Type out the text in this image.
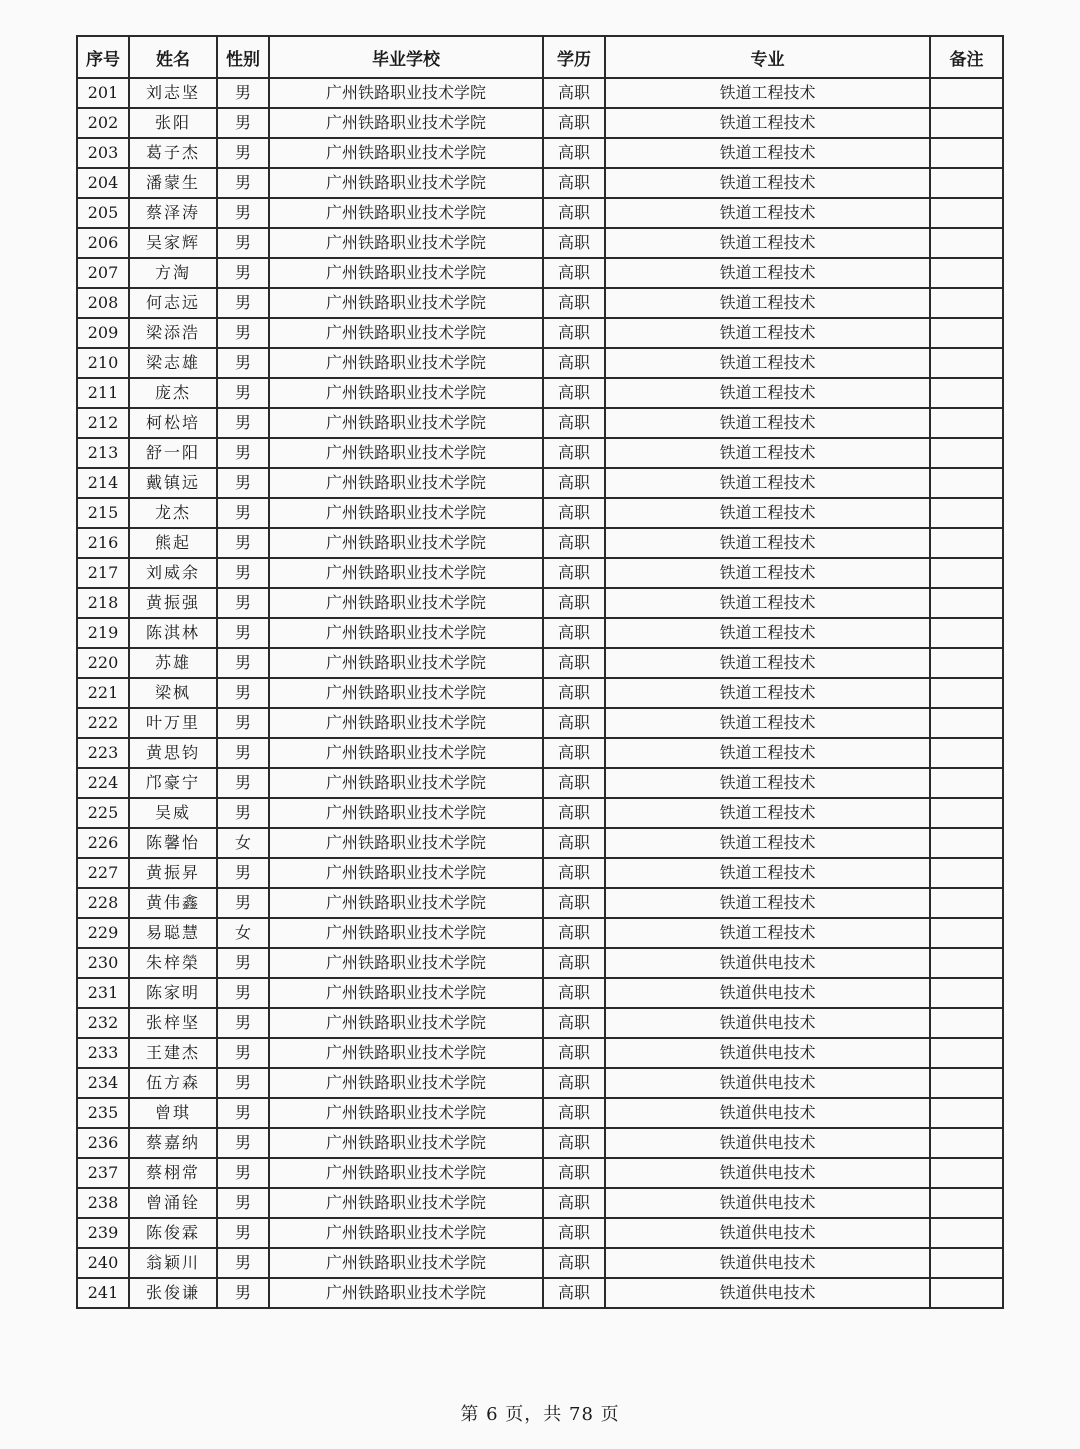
序号	姓名	性别	毕业学校	学历	专业	备注
201	刘志坚	男	广州铁路职业技术学院	高职	铁道工程技术	
202	张阳	男	广州铁路职业技术学院	高职	铁道工程技术	
203	葛子杰	男	广州铁路职业技术学院	高职	铁道工程技术	
204	潘蒙生	男	广州铁路职业技术学院	高职	铁道工程技术	
205	蔡泽涛	男	广州铁路职业技术学院	高职	铁道工程技术	
206	吴家辉	男	广州铁路职业技术学院	高职	铁道工程技术	
207	方淘	男	广州铁路职业技术学院	高职	铁道工程技术	
208	何志远	男	广州铁路职业技术学院	高职	铁道工程技术	
209	梁添浩	男	广州铁路职业技术学院	高职	铁道工程技术	
210	梁志雄	男	广州铁路职业技术学院	高职	铁道工程技术	
211	庞杰	男	广州铁路职业技术学院	高职	铁道工程技术	
212	柯松培	男	广州铁路职业技术学院	高职	铁道工程技术	
213	舒一阳	男	广州铁路职业技术学院	高职	铁道工程技术	
214	戴镇远	男	广州铁路职业技术学院	高职	铁道工程技术	
215	龙杰	男	广州铁路职业技术学院	高职	铁道工程技术	
216	熊起	男	广州铁路职业技术学院	高职	铁道工程技术	
217	刘威余	男	广州铁路职业技术学院	高职	铁道工程技术	
218	黄振强	男	广州铁路职业技术学院	高职	铁道工程技术	
219	陈淇林	男	广州铁路职业技术学院	高职	铁道工程技术	
220	苏雄	男	广州铁路职业技术学院	高职	铁道工程技术	
221	梁枫	男	广州铁路职业技术学院	高职	铁道工程技术	
222	叶万里	男	广州铁路职业技术学院	高职	铁道工程技术	
223	黄思钧	男	广州铁路职业技术学院	高职	铁道工程技术	
224	邝豪宁	男	广州铁路职业技术学院	高职	铁道工程技术	
225	吴威	男	广州铁路职业技术学院	高职	铁道工程技术	
226	陈馨怡	女	广州铁路职业技术学院	高职	铁道工程技术	
227	黄振昇	男	广州铁路职业技术学院	高职	铁道工程技术	
228	黄伟鑫	男	广州铁路职业技术学院	高职	铁道工程技术	
229	易聪慧	女	广州铁路职业技术学院	高职	铁道工程技术	
230	朱梓榮	男	广州铁路职业技术学院	高职	铁道供电技术	
231	陈家明	男	广州铁路职业技术学院	高职	铁道供电技术	
232	张梓坚	男	广州铁路职业技术学院	高职	铁道供电技术	
233	王建杰	男	广州铁路职业技术学院	高职	铁道供电技术	
234	伍方森	男	广州铁路职业技术学院	高职	铁道供电技术	
235	曾琪	男	广州铁路职业技术学院	高职	铁道供电技术	
236	蔡嘉纳	男	广州铁路职业技术学院	高职	铁道供电技术	
237	蔡栩常	男	广州铁路职业技术学院	高职	铁道供电技术	
238	曾涌铨	男	广州铁路职业技术学院	高职	铁道供电技术	
239	陈俊霖	男	广州铁路职业技术学院	高职	铁道供电技术	
240	翁颖川	男	广州铁路职业技术学院	高职	铁道供电技术	
241	张俊谦	男	广州铁路职业技术学院	高职	铁道供电技术	
第 6 页，共 78 页
